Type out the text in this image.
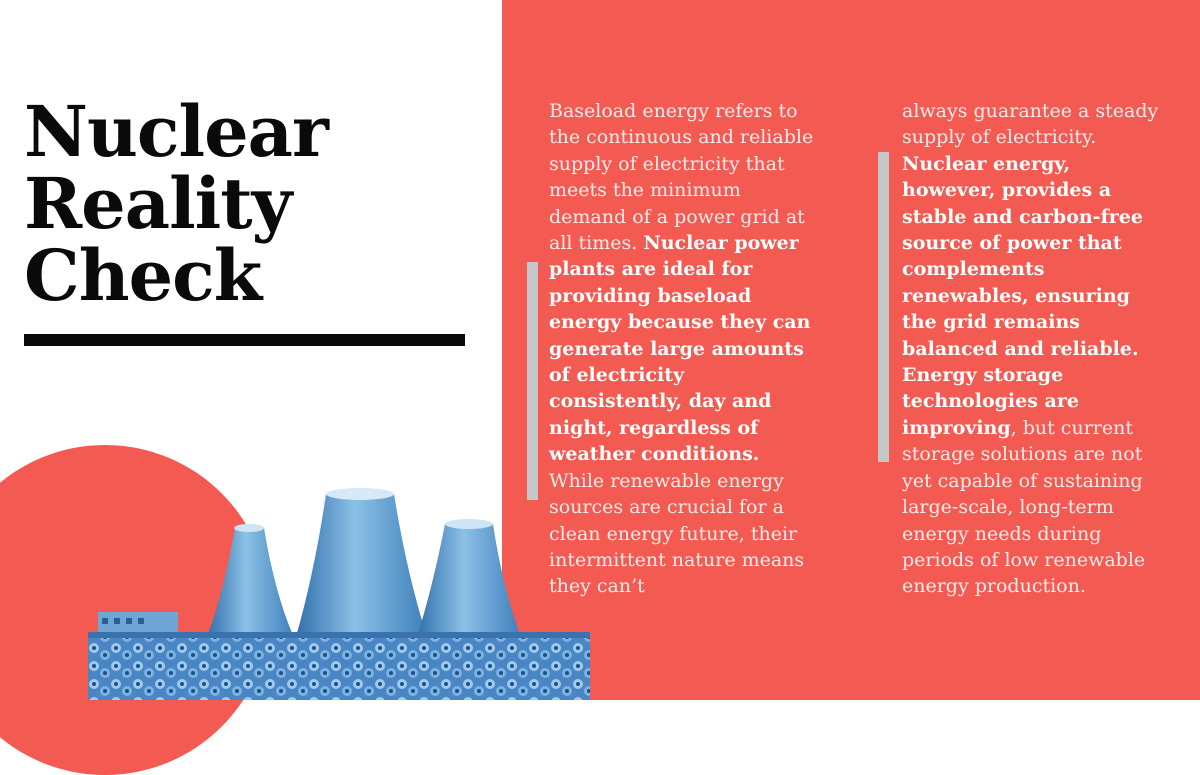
Nuclear
Reality
Check

Baseload energy refers to the continuous and reliable supply of electricity that meets the minimum demand of a power grid at all times. Nuclear power plants are ideal for providing baseload energy because they can generate large amounts of electricity consistently, day and night, regardless of weather conditions. While renewable energy sources are crucial for a clean energy future, their intermittent nature means they can’t

always guarantee a steady supply of electricity. Nuclear energy, however, provides a stable and carbon-free source of power that complements renewables, ensuring the grid remains balanced and reliable. Energy storage technologies are improving, but current storage solutions are not yet capable of sustaining large-scale, long-term energy needs during periods of low renewable energy production.
